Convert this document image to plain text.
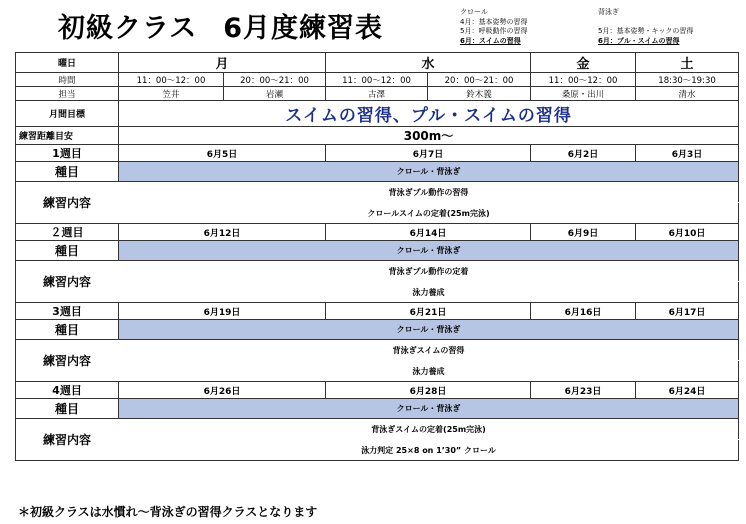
初級クラス 6月度練習表
クロール
4月：基本姿勢の習得
5月：呼吸動作の習得
6月：スイムの習得
背泳ぎ
5月：基本姿勢・キックの習得
6月：プル・スイムの習得
曜日	月		水		金	土
時間	11：00～12：00	20：00～21：00	11：00～12：00	20：00～21：00	11：00～12：00	18:30～19:30
担当	笠井	岩瀬	古澤	鈴木義	桑原・出川	清水
月間目標	スイムの習得、プル・スイムの習得					
練習距離目安	300m～					
1週目	6月5日		6月7日		6月2日	6月3日
種目	クロール・背泳ぎ					
練習内容	背泳ぎプル動作の習得					
	クロールスイムの定着(25m完泳)					
２週目	6月12日		6月14日		6月9日	6月10日
種目	クロール・背泳ぎ					
練習内容	背泳ぎプル動作の定着					
	泳力養成					
3週目	6月19日		6月21日		6月16日	6月17日
種目	クロール・背泳ぎ					
練習内容	背泳ぎスイムの習得					
	泳力養成					
4週目	6月26日		6月28日		6月23日	6月24日
種目	クロール・背泳ぎ					
練習内容	背泳ぎスイムの定着(25m完泳)					
	泳力判定 25×8 on 1’30” クロール					
＊初級クラスは水慣れ～背泳ぎの習得クラスとなります
